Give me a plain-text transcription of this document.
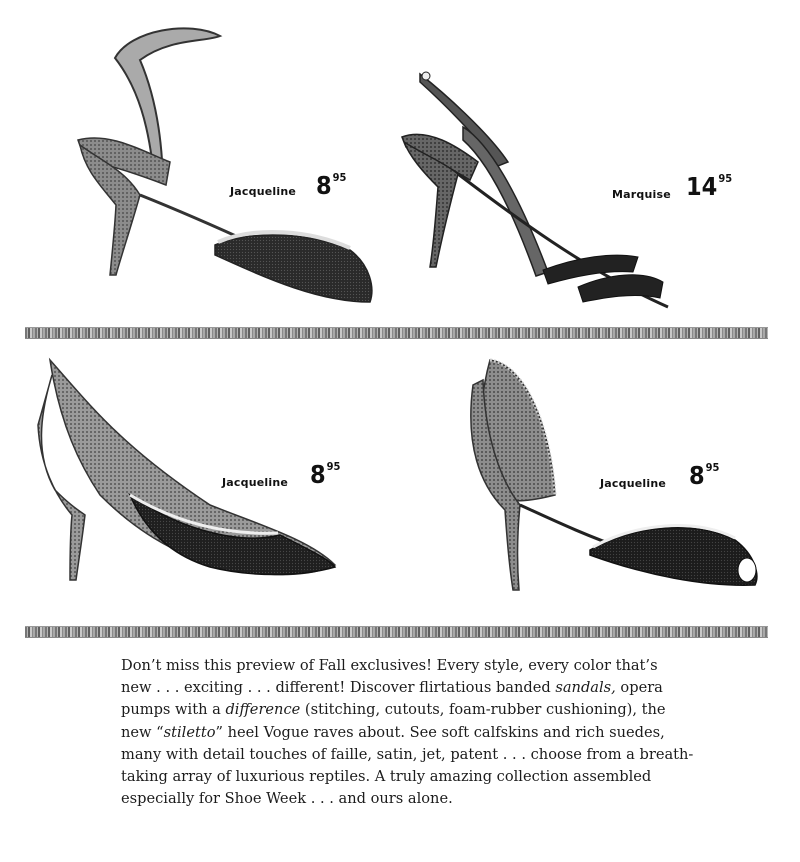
Jacqueline $8^{95}$
Marquise $14^{95}$
Jacqueline $8^{95}$
Jacqueline $8^{95}$

Don’t miss this preview of Fall exclusives! Every style, every color that’s

new . . . exciting . . . different! Discover flirtatious banded sandals, opera

pumps with a difference (stitching, cutouts, foam-rubber cushioning), the

new “stiletto” heel Vogue raves about. See soft calfskins and rich suedes,

many with detail touches of faille, satin, jet, patent . . . choose from a breath-

taking array of luxurious reptiles. A truly amazing collection assembled

especially for Shoe Week . . . and ours alone.
